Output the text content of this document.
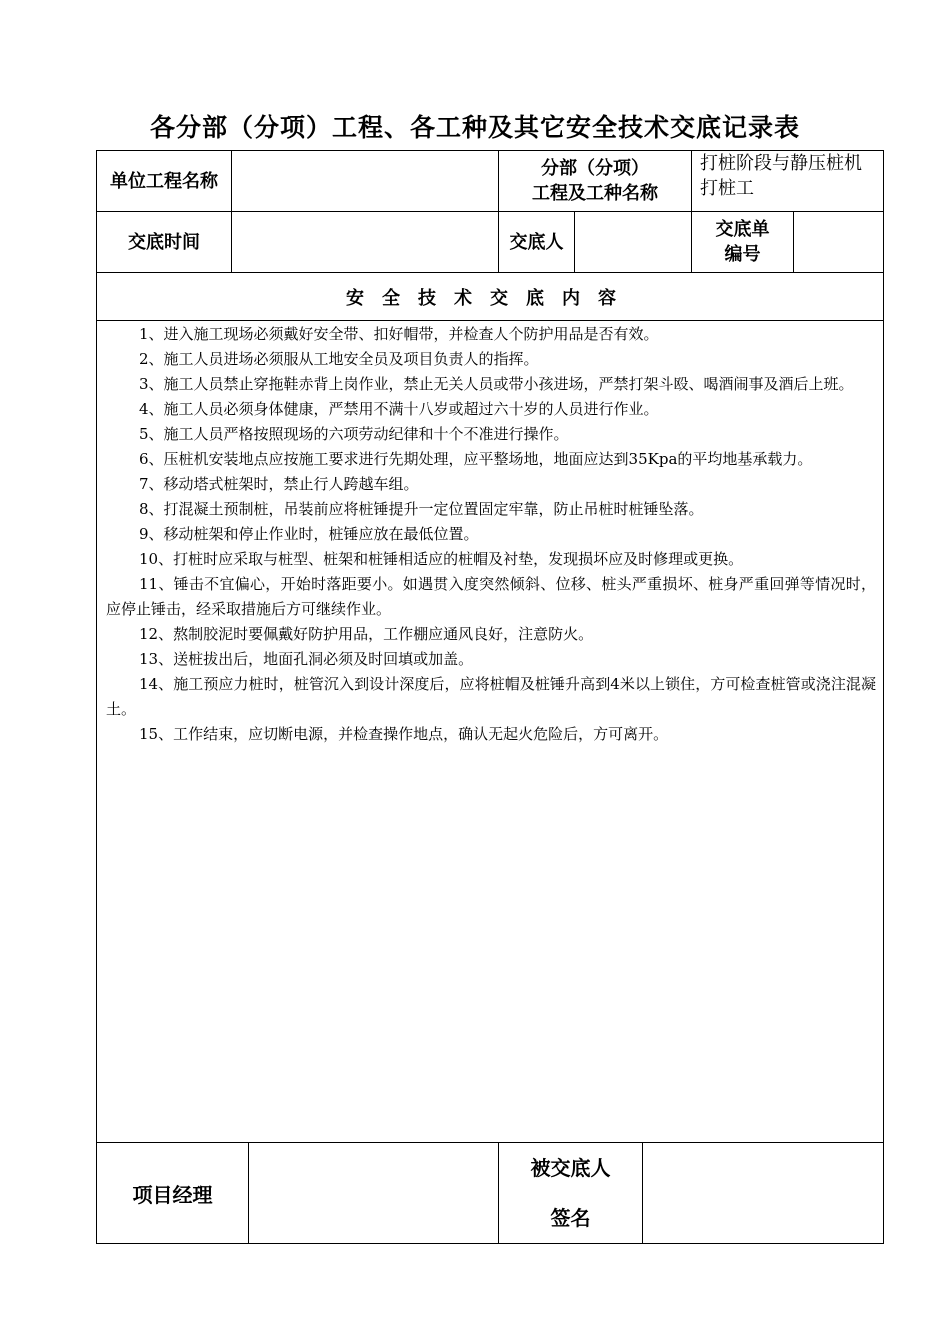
各分部（分项）工程、各工种及其它安全技术交底记录表
单位工程名称
分部（分项）
工程及工种名称
打桩阶段与静压桩机
打桩工
交底时间	交底人
交底单
编号
安全技术交底内容

1、进入施工现场必须戴好安全带、扣好帽带，并检查人个防护用品是否有效。

2、施工人员进场必须服从工地安全员及项目负责人的指挥。

3、施工人员禁止穿拖鞋赤背上岗作业，禁止无关人员或带小孩进场，严禁打架斗殴、喝酒闹事及酒后上班。

4、施工人员必须身体健康，严禁用不满十八岁或超过六十岁的人员进行作业。

5、施工人员严格按照现场的六项劳动纪律和十个不准进行操作。

6、压桩机安装地点应按施工要求进行先期处理，应平整场地，地面应达到35Kpa的平均地基承载力。

7、移动塔式桩架时，禁止行人跨越车组。

8、打混凝土预制桩，吊装前应将桩锤提升一定位置固定牢靠，防止吊桩时桩锤坠落。

9、移动桩架和停止作业时，桩锤应放在最低位置。

10、打桩时应采取与桩型、桩架和桩锤相适应的桩帽及衬垫，发现损坏应及时修理或更换。

11、锤击不宜偏心，开始时落距要小。如遇贯入度突然倾斜、位移、桩头严重损坏、桩身严重回弹等情况时，应停止锤击，经采取措施后方可继续作业。

12、熬制胶泥时要佩戴好防护用品，工作棚应通风良好，注意防火。

13、送桩拔出后，地面孔洞必须及时回填或加盖。

14、施工预应力桩时，桩管沉入到设计深度后，应将桩帽及桩锤升高到4米以上锁住，方可检查桩管或浇注混凝土。

15、工作结束，应切断电源，并检查操作地点，确认无起火危险后，方可离开。

项目经理
被交底人
签名
